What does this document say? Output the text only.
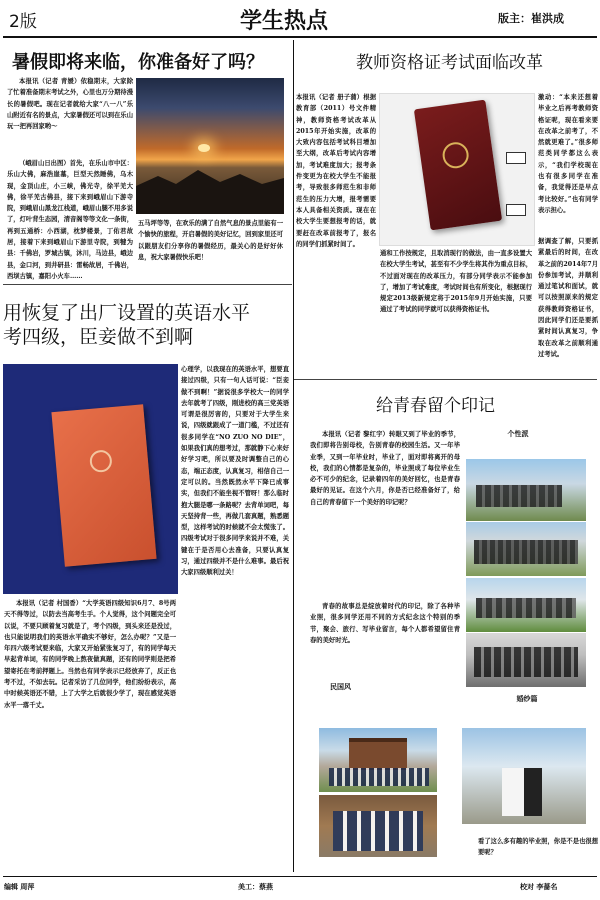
2版	学生热点	版主：崔洪成
暑假即将来临，你准备好了吗？
本报讯（记者 青媛）依稳期末，大家除了忙着准备期末考试之外，心里也万分期待漫长的暑假吧。现在记者就给大家“八一八”乐山附近有名的景点，大家暑假还可以到在乐山玩一把再回家哟～
（峨眉山日出图）首先，在乐山市中区：乐山大佛，麻浩崖墓，巨型天然睡佛，乌木现，金顶山庄，小三峡，佛光寺，徐平羌大佛，徐平羌古佛县，接下来到峨眉山下游寺院，到峨眉山黑龙江栈道，峨眉山腿不用多说了，灯叶背生态园，清音阁等等文化一条街，再到五通桥：小西湖，枕梦楼景，丁佑君故居，接着下来到峨眉山下游里寺院，到犍为县：千佛岩，罗城古镇，沐川，马边县，峨边县，金口河，到井研县：雷畅故居，千佛岩，西坝古镇，嘉阳小火车……
五马坪等等，在欢乐的满了自然气息的景点里能有一个愉快的旅程，开启暑假的美好记忆，回到家里还可以跟朋友们分享你的暑假经历，最关心的是好好休息，祝大家暑假快乐吧！
用恢复了出厂设置的英语水平
考四级，臣妾做不到啊
本报讯（记者 村国香）“大学英语四级知识6月7、8号两天不得等过，以防去当高考生手。个人觉得，这个问题完全可以说，不要只顾着复习就是了，考个四级，到头来还是没过，也只能说明我们的英语水平确实不够好，怎么办呢？”又是一年四六级考试要来临，大家又开始紧张复习了，有的同学每天早起背单词，有的同学晚上熬夜做真题，还有的同学则是把希望寄托在考前押题上。当然也有同学表示已经放弃了，反正也考不过，不如去玩。记者采访了几位同学，他们纷纷表示，高中时候英语还不错，上了大学之后就很少学了，现在感觉英语水平一落千丈。
心理学，以我现在的英语水平，想要直接过四级，只有一句人话可说：“臣妾做不到啊！”据说很多学校大一的同学去年就考了四级，刚进校的高三党英语可谓是很厉害的，只要对于大学生来说，四级就跟成了一道门槛，不过还有很多同学在“NO ZUO NO DIE”，如果我们真的想考过，那就静下心来好好学习吧，所以要及时调整自己的心态，端正态度，认真复习，相信自己一定可以的。当然既然水平下降已成事实，但我们不能坐视不管呀！那么临时抱大腿是哪一条路呢？去背单词吧，每天坚持背一些，再做几套真题，熟悉题型，这样考试的时候就不会太慌张了。四级考试对于很多同学来说并不难，关键在于是否用心去准备，只要认真复习，通过四级并不是什么难事。最后祝大家四级顺利过关！
教师资格证考试面临改革
本报讯（记者 册子蒲）根据教育部（2011）号文件精神，教师资格考试改革从2015年开始实施，改革的大致内容包括考试科目增加至大纲，改革后考试内容增加，考试难度加大；报考条件变更为在校大学生不能报考，导致很多师范生和非师范生的压力大增，报考需要本人具备相关资质。现在在校大学生要想报考的话，就要赶在改革前报考了，报名的同学们抓紧时间了。
通和工作按规定，且取消现行的做法，由一直多设置大在校大学生考试，甚至有不少学生将其作为重点目标，不过面对现在的改革压力，有部分同学表示不能参加了，增加了考试难度，考试时间也有所变化，根据现行规定2013级新规定将于2015年9月开始实施，只要通过了考试的同学就可以获得资格证书。
激动：“本来还想着毕业之后再考教师资格证呢，现在看来要在改革之前考了，不然就更难了。”很多师范类同学都这么表示，“我们学校现在也有很多同学在准备，我觉得还是早点考比较好。”也有同学表示担心。
据调查了解，只要抓紧最后的时间，在改革之前的2014年7月份参加考试，并顺利通过笔试和面试，就可以按照原来的规定获得教师资格证书，因此同学们还是要抓紧时间认真复习，争取在改革之前顺利通过考试。
给青春留个印记
本报讯（记者 黎红宇）转眼又到了毕业的季节，我们即将告别母校，告别青春的校园生活。又一年毕业季，又到一年毕业时，毕业了，面对即将离开的母校，我们的心情都是复杂的，毕业照成了每位毕业生必不可少的纪念，记录着四年的美好回忆，也是青春最好的见证。在这个六月，你是否已经准备好了，给自己的青春留下一个美好的印记呢？
青春的故事总是绽放着时代的印记，除了各种毕业照，很多同学还用不同的方式纪念这个特别的季节，聚会、旅行、写毕业留言，每个人都希望留住青春的美好时光。
民国风
个性派
婚纱篇
看了这么多有趣的毕业照，你是不是也很想要呢？
编辑 周萍	美工：蔡燕	校对 李蔷名
